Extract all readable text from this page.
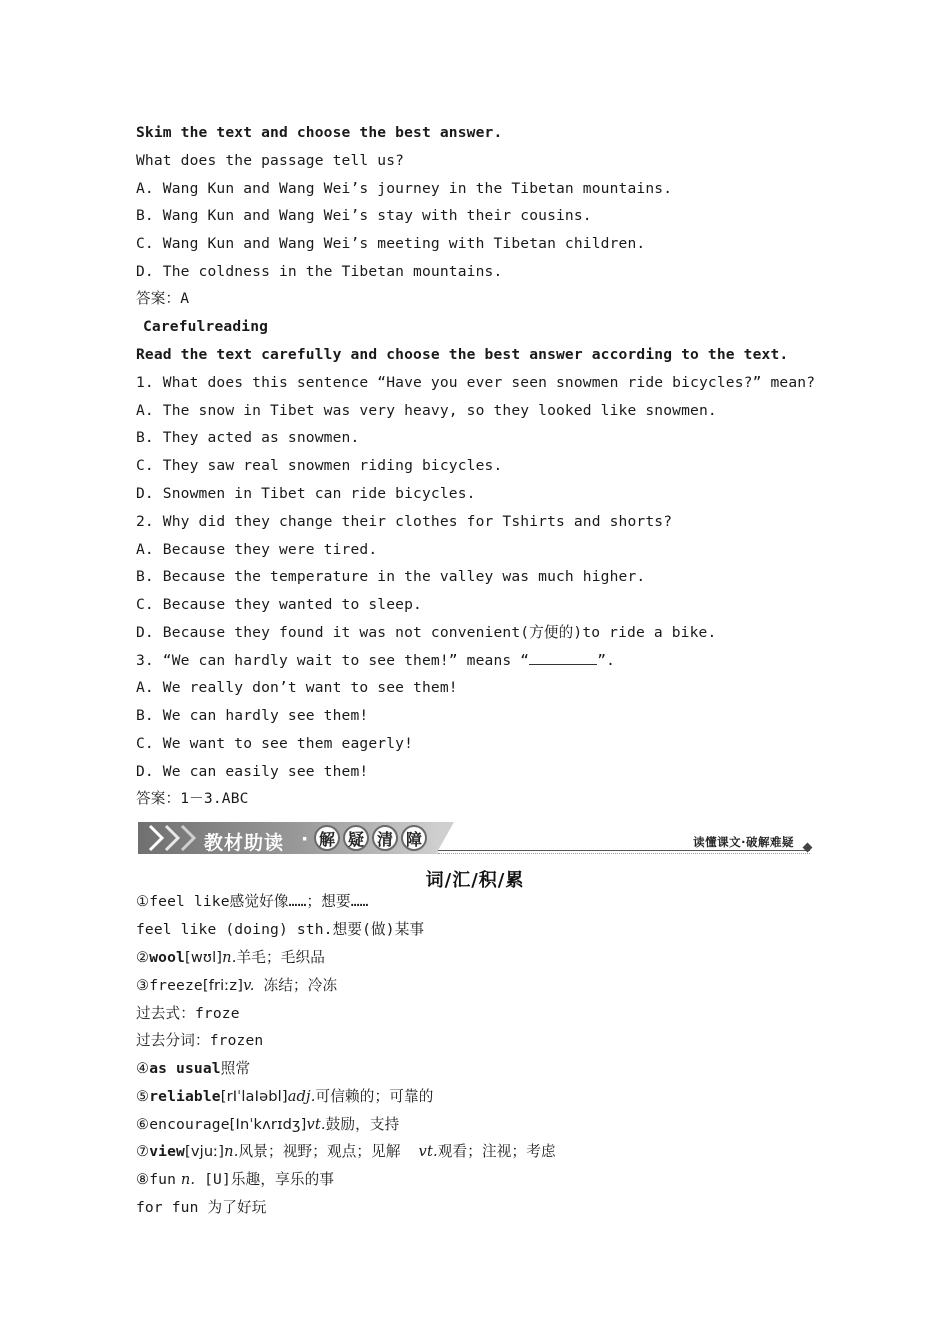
Skim the text and choose the best answer.
What does the passage tell us?
A. Wang Kun and Wang Wei’s journey in the Tibetan mountains.
B. Wang Kun and Wang Wei’s stay with their cousins.
C. Wang Kun and Wang Wei’s meeting with Tibetan children.
D. The coldness in the Tibetan mountains.
答案：A
Carefulreading
Read the text carefully and choose the best answer according to the text.
1. What does this sentence “Have you ever seen snowmen ride bicycles?” mean?
A. The snow in Tibet was very heavy, so they looked like snowmen.
B. They acted as snowmen.
C. They saw real snowmen riding bicycles.
D. Snowmen in Tibet can ride bicycles.
2. Why did they change their clothes for Tshirts and shorts?
A. Because they were tired.
B. Because the temperature in the valley was much higher.
C. Because they wanted to sleep.
D. Because they found it was not convenient(方便的)to ride a bike.
3. “We can hardly wait to see them!” means “	”.
A. We really don’t want to see them!
B. We can hardly see them!
C. We want to see them eagerly!
D. We can easily see them!
答案：1－3.ABC
教材助读 · 解 疑 清 障	读懂课文·破解难疑
词/汇/积/累
①feel like感觉好像……；想要……
feel like (doing) sth.想要(做)某事
②wool[wʊl]n.羊毛；毛织品
③freeze[friːz]v. 冻结；冷冻
过去式：froze
过去分词：frozen
④as usual照常
⑤reliable[rIˈlaIəbl]adj.可信赖的；可靠的
⑥encourage[Inˈkʌrɪdʒ]vt.鼓励，支持
⑦view[vjuː]n.风景；视野；观点；见解  vt.观看；注视；考虑
⑧fun n. [U]乐趣，享乐的事
for fun 为了好玩
